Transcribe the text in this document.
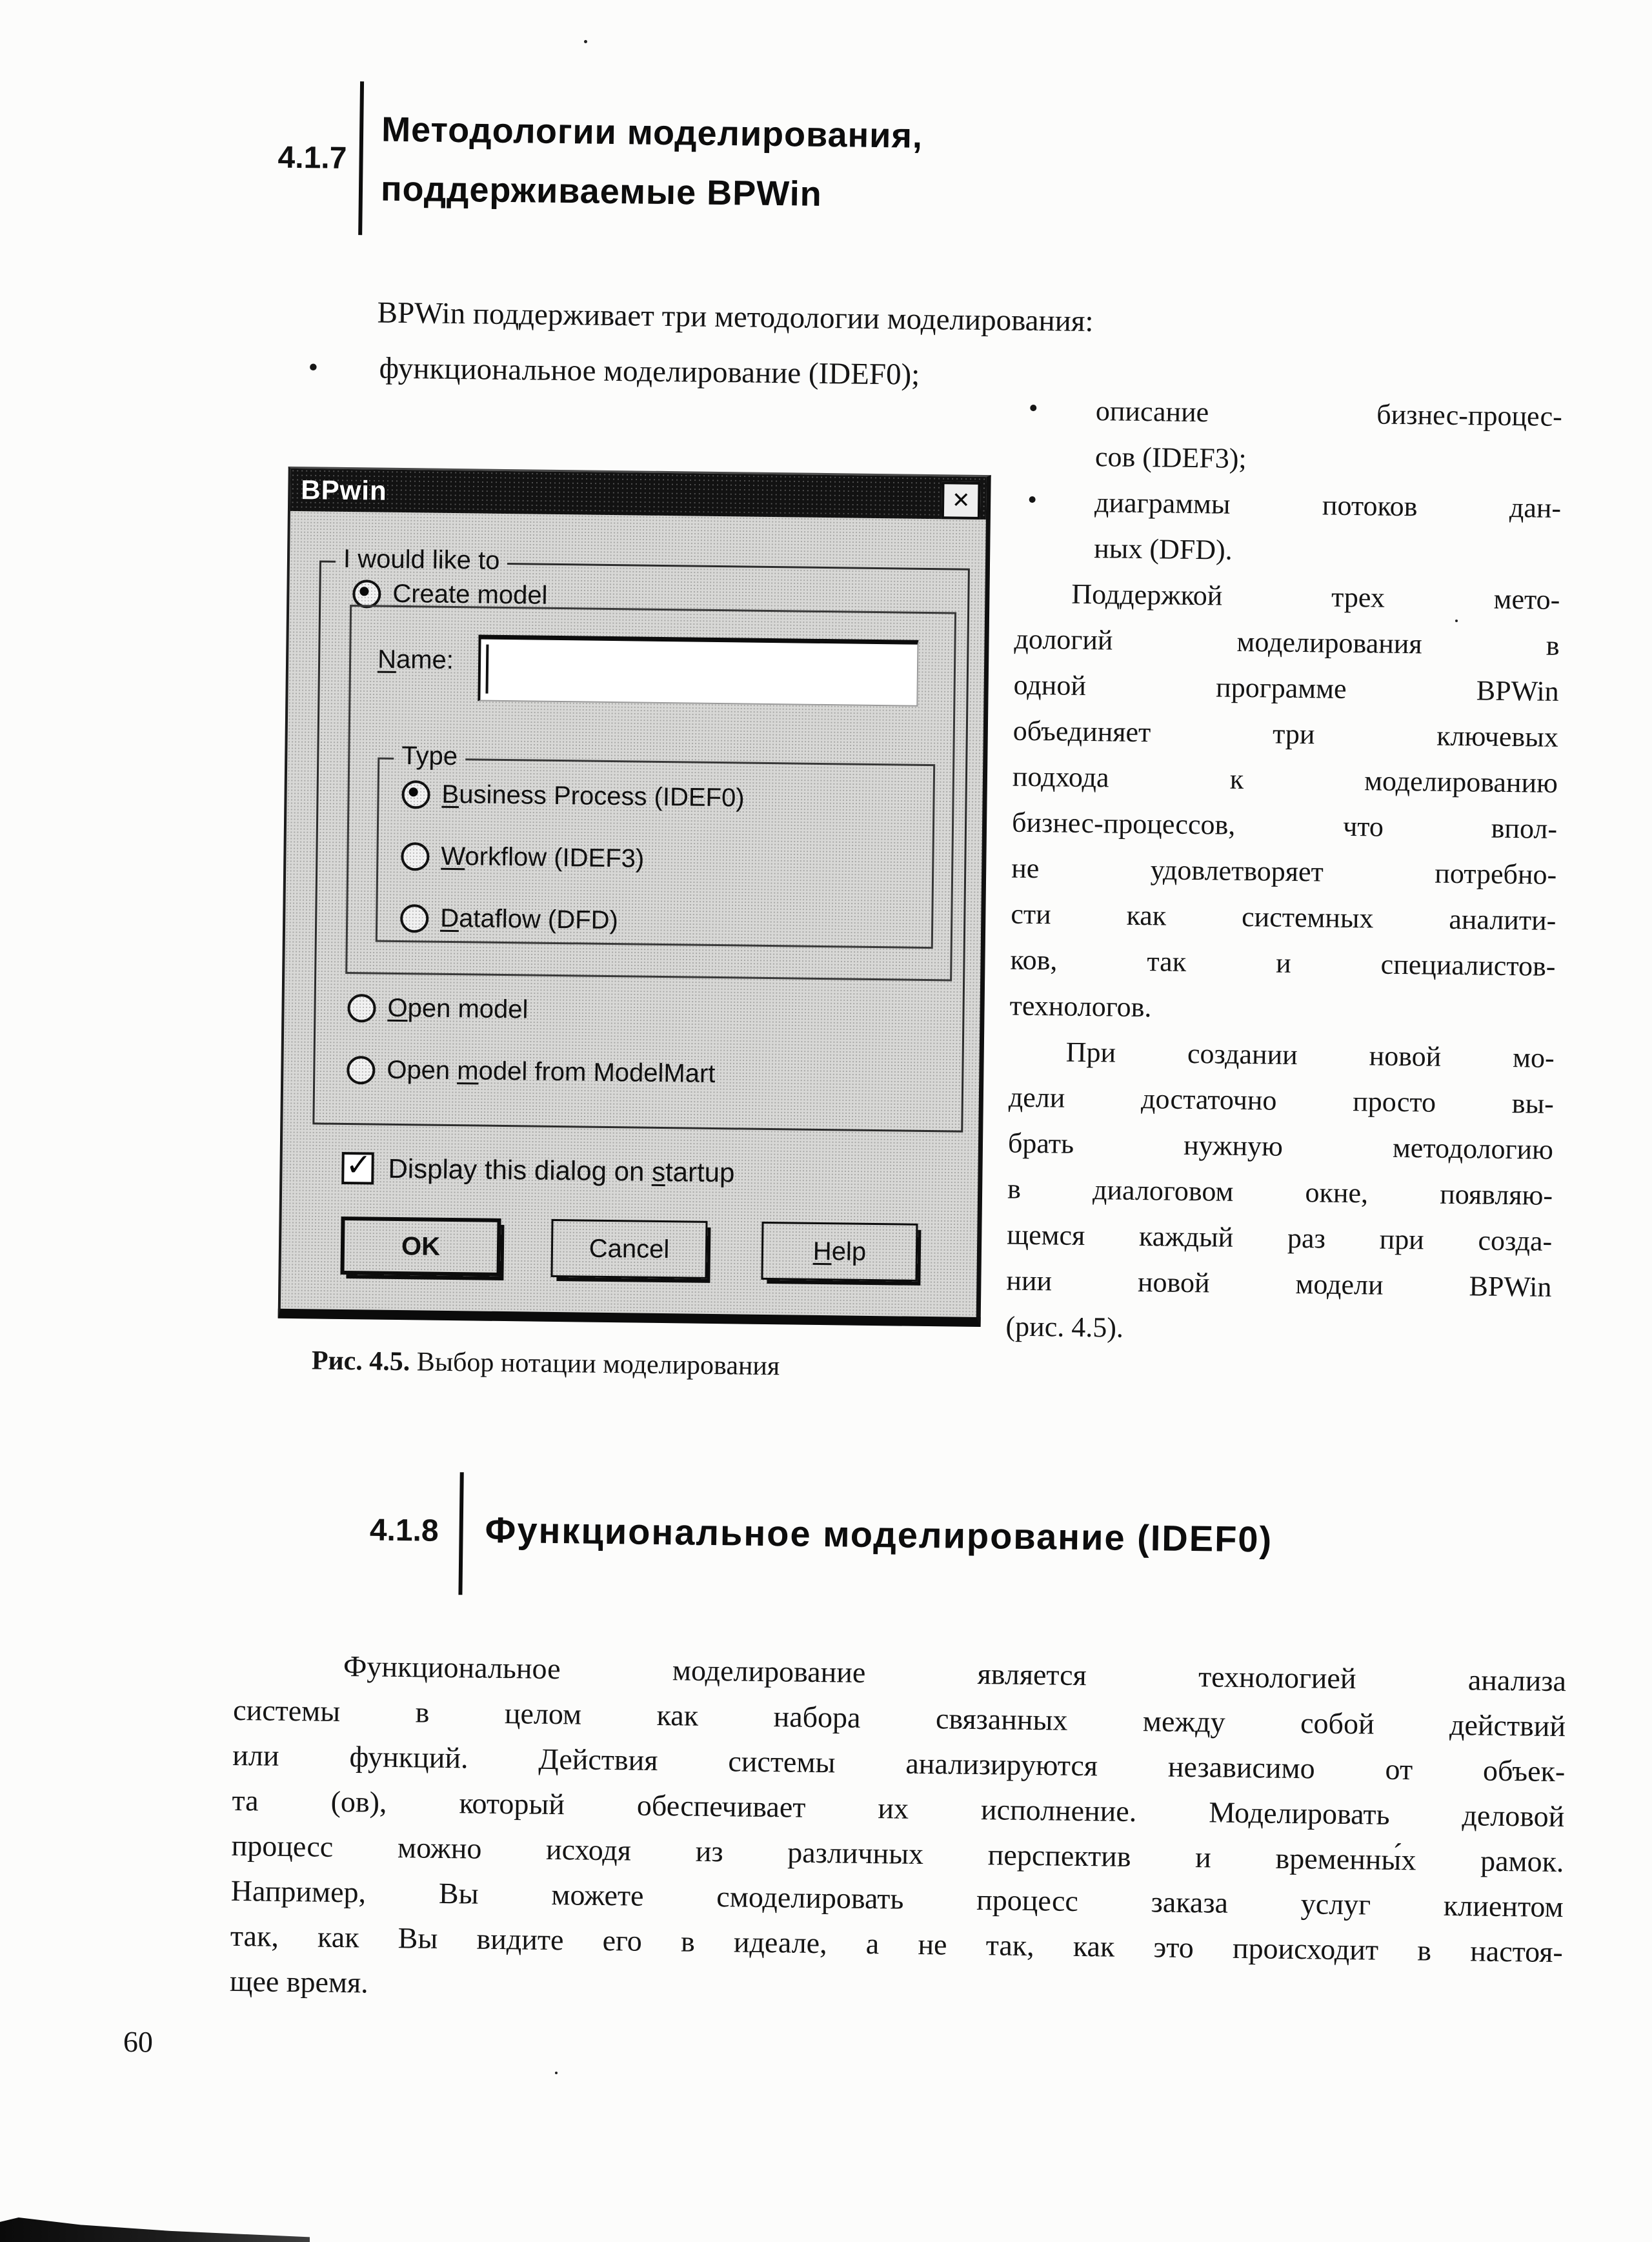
4.1.7
Методологии моделирования,
поддерживаемые BPWin
BPWin поддерживает три методологии моделирования:
• функциональное моделирование (IDEF0);
• описание бизнес-процес-
сов (IDEF3);
• диаграммы потоков дан-
ных (DFD).
Поддержкой трех мето-
дологий моделирования в
одной программе BPWin
объединяет три ключевых
подхода к моделированию
бизнес-процессов, что впол-
не удовлетворяет потребно-
сти как системных аналити-
ков, так и специалистов-
технологов.
При создании новой мо-
дели достаточно просто вы-
брать нужную методологию
в диалоговом окне, появляю-
щемся каждый раз при созда-
нии новой модели BPWin
(рис. 4.5).
BPwin	✕
I would like to
Create model
Name:
Type
Business Process (IDEF0)
Workflow (IDEF3)
Dataflow (DFD)
Open model
Open model from ModelMart
✓
Display this dialog on startup
OK	Cancel	H elp
Рис. 4.5. Выбор нотации моделирования
4.1.8 Функциональное моделирование (IDEF0)
Функциональное моделирование является технологией анализа
системы в целом как набора связанных между собой действий
или функций. Действия системы анализируются независимо от объек-
та (ов), который обеспечивает их исполнение. Моделировать деловой
процесс можно исходя из различных перспектив и временны́х рамок.
Например, Вы можете смоделировать процесс заказа услуг клиентом
так, как Вы видите его в идеале, а не так, как это происходит в настоя-
щее время.
60
